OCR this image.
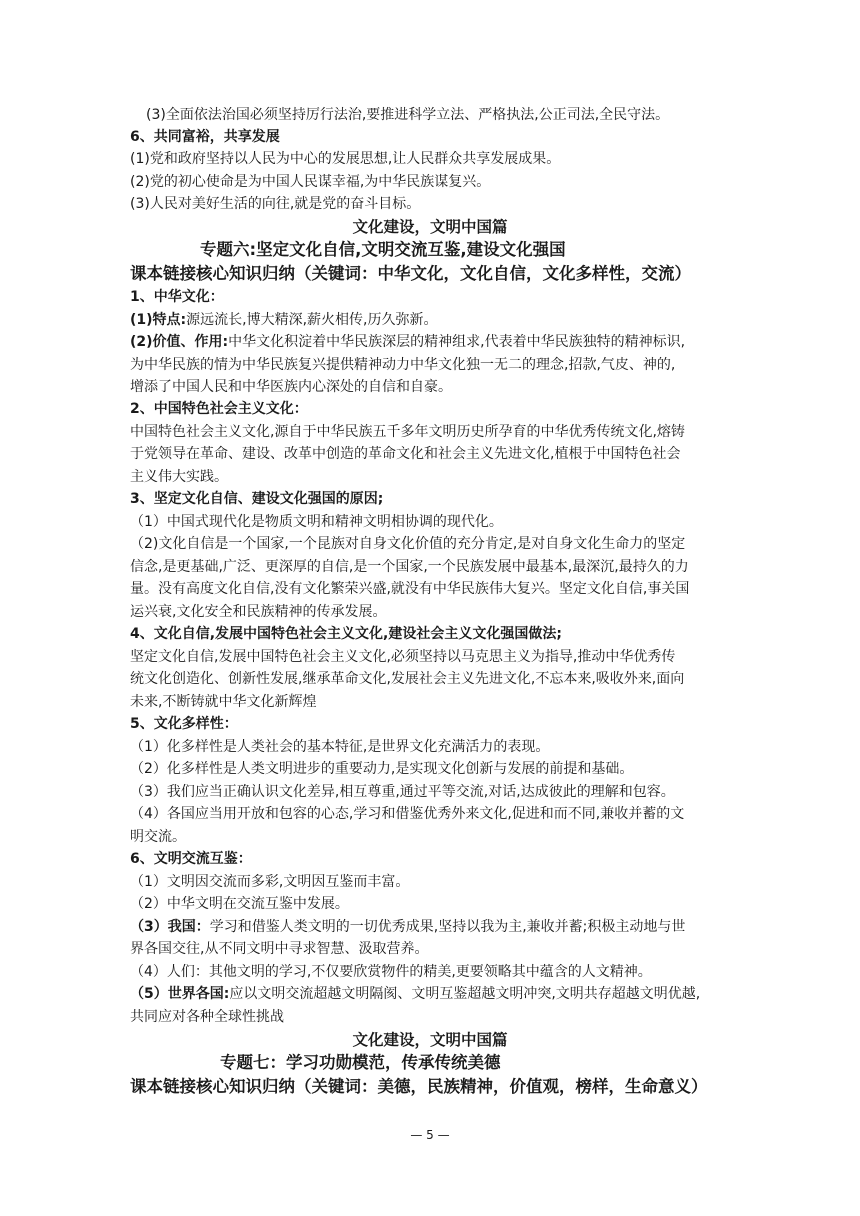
(3)全面依法治国必须坚持厉行法治,要推进科学立法、严格执法,公正司法,全民守法。
6、共同富裕，共享发展
(1)党和政府坚持以人民为中心的发展思想,让人民群众共享发展成果。
(2)党的初心使命是为中国人民谋幸福,为中华民族谋复兴。
(3)人民对美好生活的向往,就是党的奋斗目标。
文化建设，文明中国篇
专题六:坚定文化自信,文明交流互鉴,建设文化强国
课本链接核心知识归纳（关键词：中华文化，文化自信，文化多样性，交流）
1、中华文化：
(1)特点:源远流长,博大精深,薪火相传,历久弥新。
(2)价值、作用:中华文化积淀着中华民族深层的精神组求,代表着中华民族独特的精神标识,
为中华民族的情为中华民族复兴提供精神动力中华文化独一无二的理念,招款,气皮、神的,
增添了中国人民和中华医族内心深处的自信和自豪。
2、中国特色社会主义文化：
中国特色社会主义文化,源自于中华民族五千多年文明历史所孕育的中华优秀传统文化,熔铸
于党领导在革命、建设、改革中创造的革命文化和社会主义先进文化,植根于中国特色社会
主义伟大实践。
3、坚定文化自信、建设文化强国的原因;
（1）中国式现代化是物质文明和精神文明相协调的现代化。
（2)文化自信是一个国家,一个昆族对自身文化价值的充分肯定,是对自身文化生命力的坚定
信念,是更基础,广泛、更深厚的自信,是一个国家,一个民族发展中最基本,最深沉,最持久的力
量。没有高度文化自信,没有文化繁荣兴盛,就没有中华民族伟大复兴。坚定文化自信,事关国
运兴衰,文化安全和民族精神的传承发展。
4、文化自信,发展中国特色社会主义文化,建设社会主义文化强国做法;
坚定文化自信,发展中国特色社会主义文化,必须坚持以马克思主义为指导,推动中华优秀传
统文化创造化、创新性发展,继承革命文化,发展社会主义先进文化,不忘本来,吸收外来,面向
未来,不断铸就中华文化新辉煌
5、文化多样性：
（1）化多样性是人类社会的基本特征,是世界文化充满活力的表现。
（2）化多样性是人类文明进步的重要动力,是实现文化创新与发展的前提和基础。
（3）我们应当正确认识文化差异,相互尊重,通过平等交流,对话,达成彼此的理解和包容。
（4）各国应当用开放和包容的心态,学习和借鉴优秀外来文化,促进和而不同,兼收并蓄的文
明交流。
6、文明交流互鉴：
（1）文明因交流而多彩,文明因互鉴而丰富。
（2）中华文明在交流互鉴中发展。
（3）我国：学习和借鉴人类文明的一切优秀成果,坚持以我为主,兼收并蓄;积极主动地与世
界各国交往,从不同文明中寻求智慧、汲取营养。
（4）人们：其他文明的学习,不仅要欣赏物件的精美,更要领略其中蕴含的人文精神。
（5）世界各国:应以文明交流超越文明隔阂、文明互鉴超越文明冲突,文明共存超越文明优越,
共同应对各种全球性挑战
文化建设，文明中国篇
专题七：学习功勋模范，传承传统美德
课本链接核心知识归纳（关键词：美德，民族精神，价值观，榜样，生命意义）
— 5 —
